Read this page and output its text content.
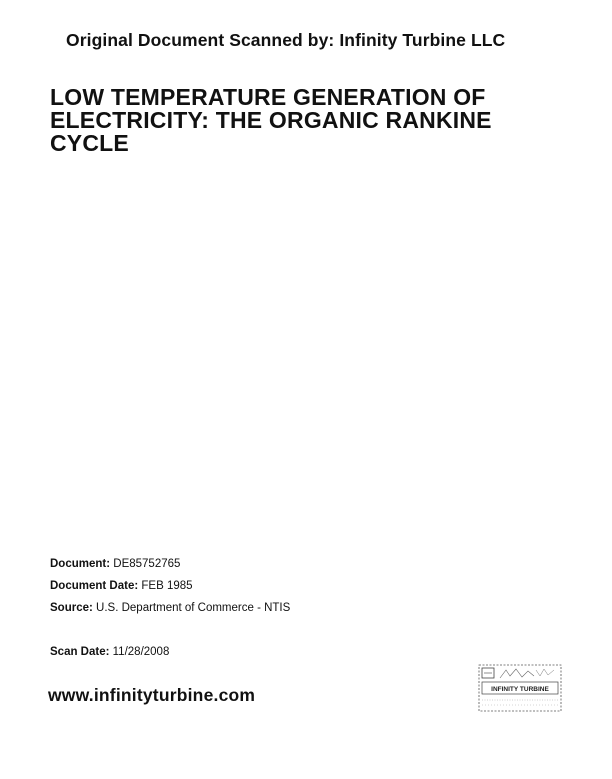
Original Document Scanned by: Infinity Turbine LLC
LOW TEMPERATURE GENERATION OF
ELECTRICITY: THE ORGANIC RANKINE
CYCLE
Document: DE85752765
Document Date: FEB 1985
Source: U.S. Department of Commerce - NTIS
Scan Date: 11/28/2008
www.infinityturbine.com	INFINITY TURBINE
